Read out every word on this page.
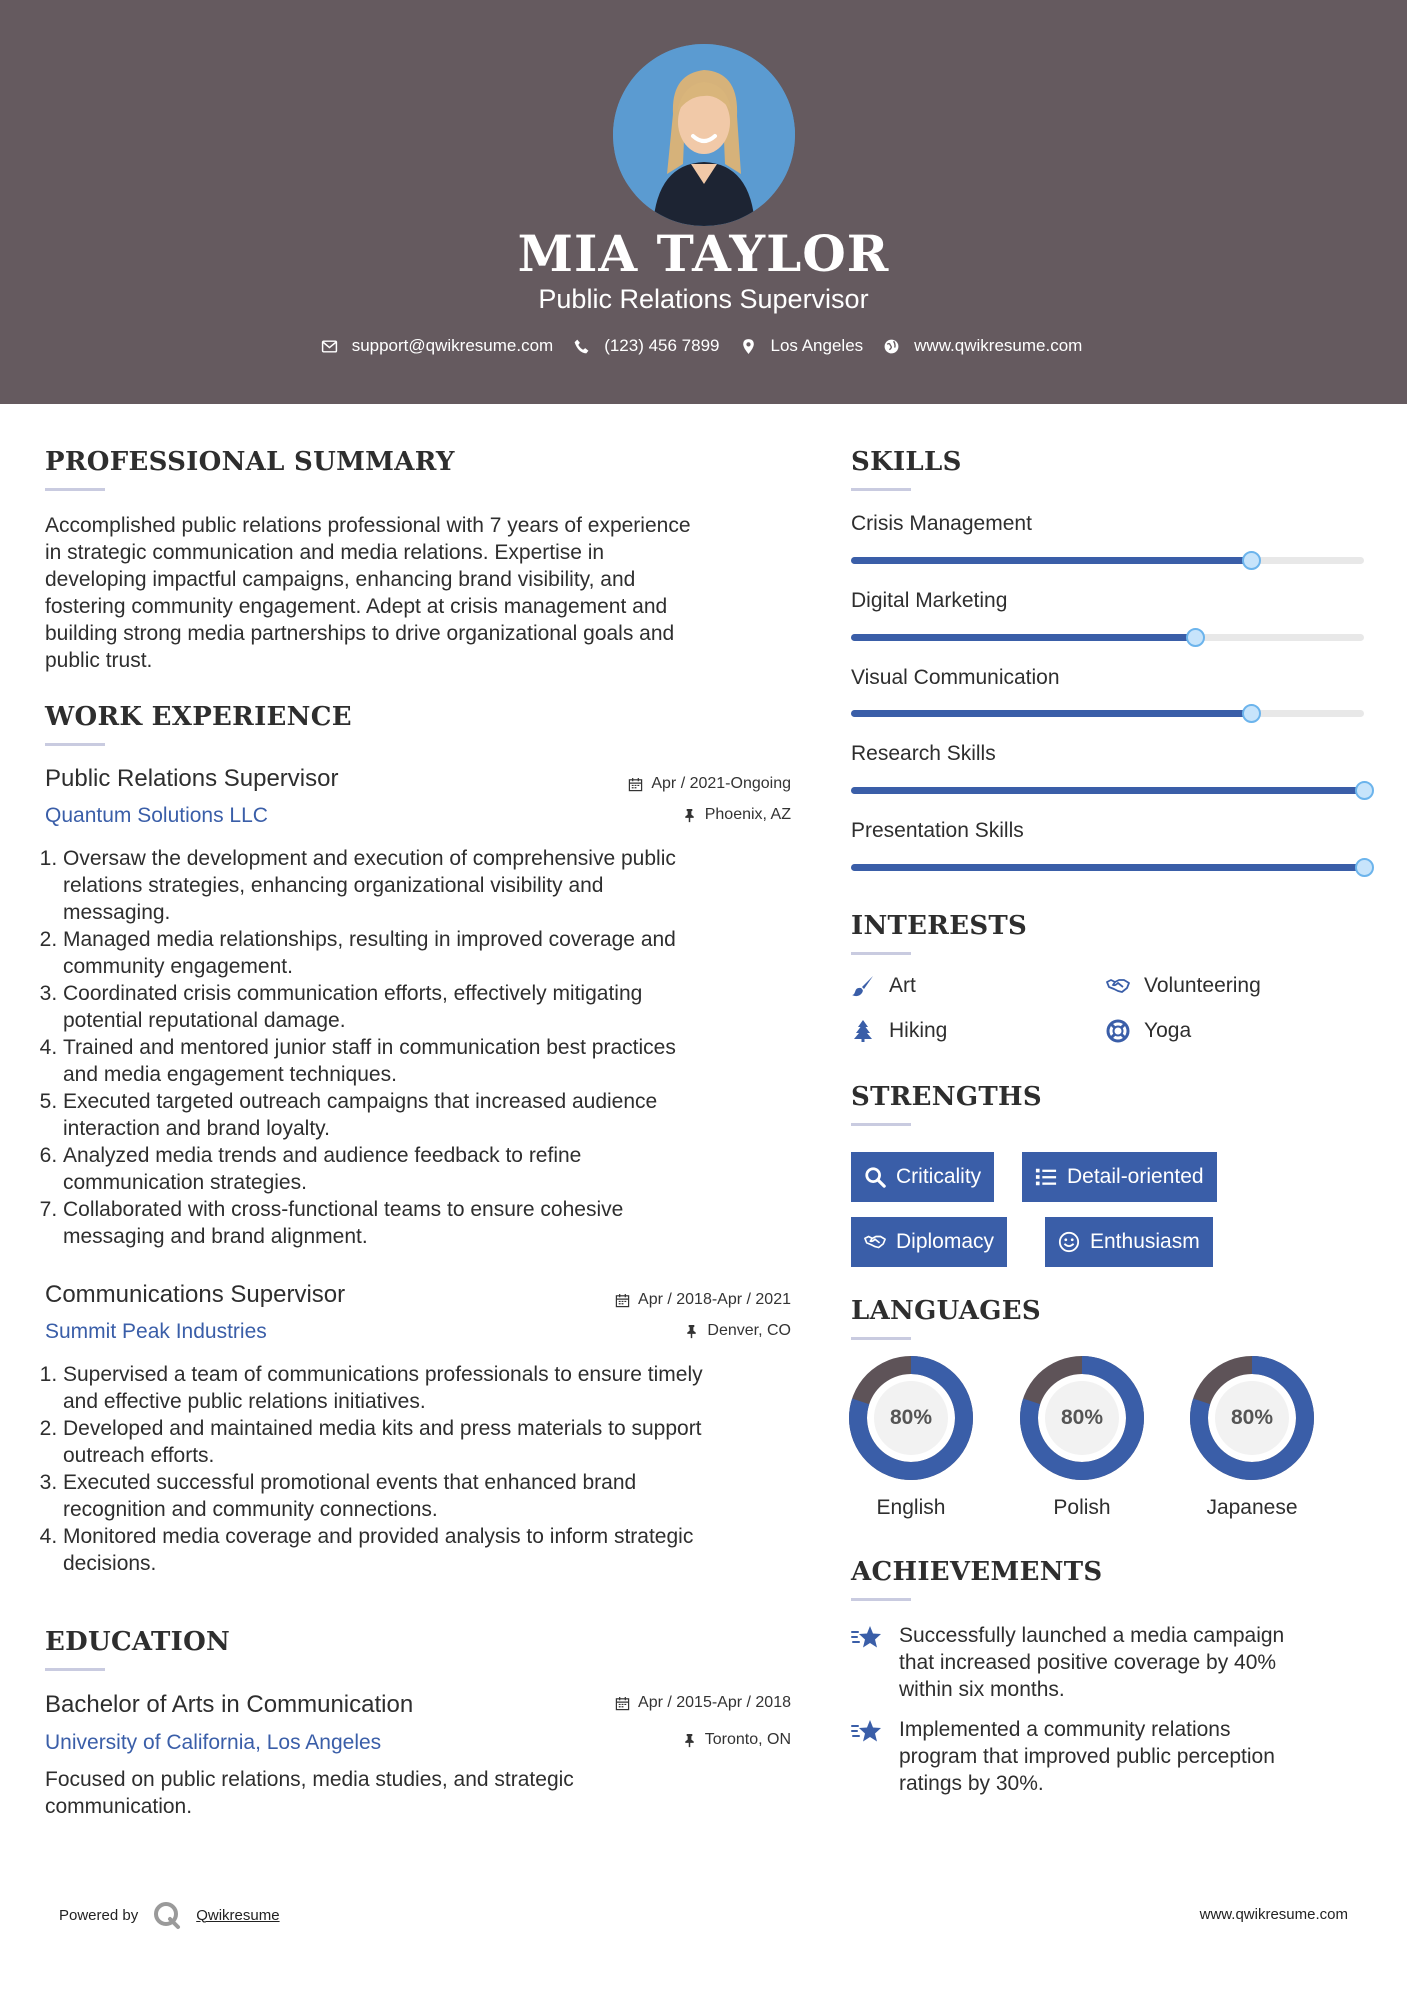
MIA TAYLOR
Public Relations Supervisor
support@qwikresume.com	(123) 456 7899	Los Angeles	www.qwikresume.com
PROFESSIONAL SUMMARY
Accomplished public relations professional with 7 years of experience
in strategic communication and media relations. Expertise in
developing impactful campaigns, enhancing brand visibility, and
fostering community engagement. Adept at crisis management and
building strong media partnerships to drive organizational goals and
public trust.
WORK EXPERIENCE
Public Relations Supervisor
Quantum Solutions LLC
Apr / 2021-Ongoing
Phoenix, AZ
1. Oversaw the development and execution of comprehensive public
relations strategies, enhancing organizational visibility and
messaging.
2. Managed media relationships, resulting in improved coverage and
community engagement.
3. Coordinated crisis communication efforts, effectively mitigating
potential reputational damage.
4. Trained and mentored junior staff in communication best practices
and media engagement techniques.
5. Executed targeted outreach campaigns that increased audience
interaction and brand loyalty.
6. Analyzed media trends and audience feedback to refine
communication strategies.
7. Collaborated with cross-functional teams to ensure cohesive
messaging and brand alignment.
Communications Supervisor
Summit Peak Industries
Apr / 2018-Apr / 2021
Denver, CO
1. Supervised a team of communications professionals to ensure timely
and effective public relations initiatives.
2. Developed and maintained media kits and press materials to support
outreach efforts.
3. Executed successful promotional events that enhanced brand
recognition and community connections.
4. Monitored media coverage and provided analysis to inform strategic
decisions.
EDUCATION
Bachelor of Arts in Communication
University of California, Los Angeles
Apr / 2015-Apr / 2018
Toronto, ON
Focused on public relations, media studies, and strategic
communication.
SKILLS
Crisis Management
Digital Marketing
Visual Communication
Research Skills
Presentation Skills
INTERESTS
Art	Volunteering
Hiking	Yoga
STRENGTHS
Criticality	Detail-oriented
Diplomacy	Enthusiasm
LANGUAGES
80%
English
80%
Polish
80%
Japanese
ACHIEVEMENTS
Successfully launched a media campaign
that increased positive coverage by 40%
within six months.
Implemented a community relations
program that improved public perception
ratings by 30%.
Powered by	Qwikresume	www.qwikresume.com
